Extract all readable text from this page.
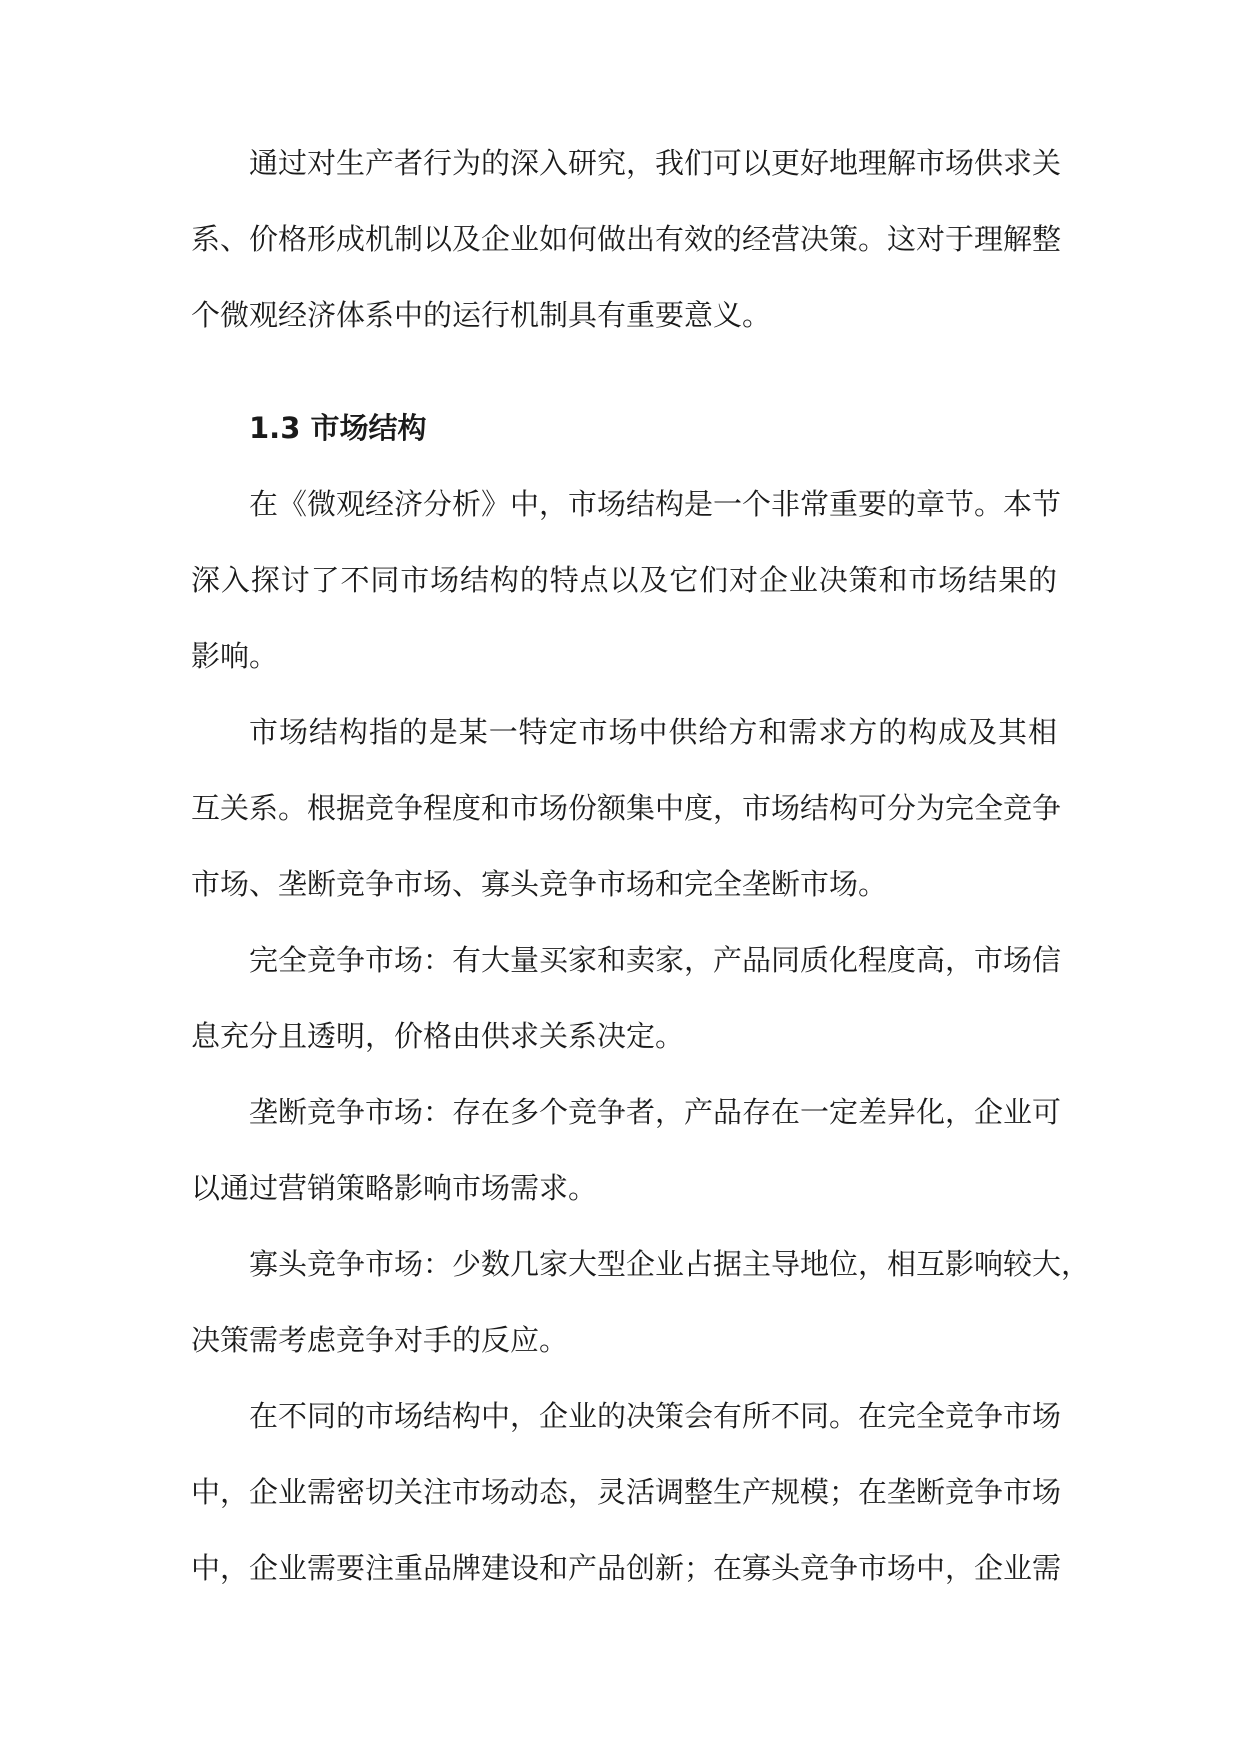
通过对生产者行为的深入研究，我们可以更好地理解市场供求关
系、价格形成机制以及企业如何做出有效的经营决策。这对于理解整
个微观经济体系中的运行机制具有重要意义。
1.3 市场结构
在《微观经济分析》中，市场结构是一个非常重要的章节。本节
深入探讨了不同市场结构的特点以及它们对企业决策和市场结果的
影响。
市场结构指的是某一特定市场中供给方和需求方的构成及其相
互关系。根据竞争程度和市场份额集中度，市场结构可分为完全竞争
市场、垄断竞争市场、寡头竞争市场和完全垄断市场。
完全竞争市场：有大量买家和卖家，产品同质化程度高，市场信
息充分且透明，价格由供求关系决定。
垄断竞争市场：存在多个竞争者，产品存在一定差异化，企业可
以通过营销策略影响市场需求。
寡头竞争市场：少数几家大型企业占据主导地位，相互影响较大，
决策需考虑竞争对手的反应。
在不同的市场结构中，企业的决策会有所不同。在完全竞争市场
中，企业需密切关注市场动态，灵活调整生产规模；在垄断竞争市场
中，企业需要注重品牌建设和产品创新；在寡头竞争市场中，企业需
